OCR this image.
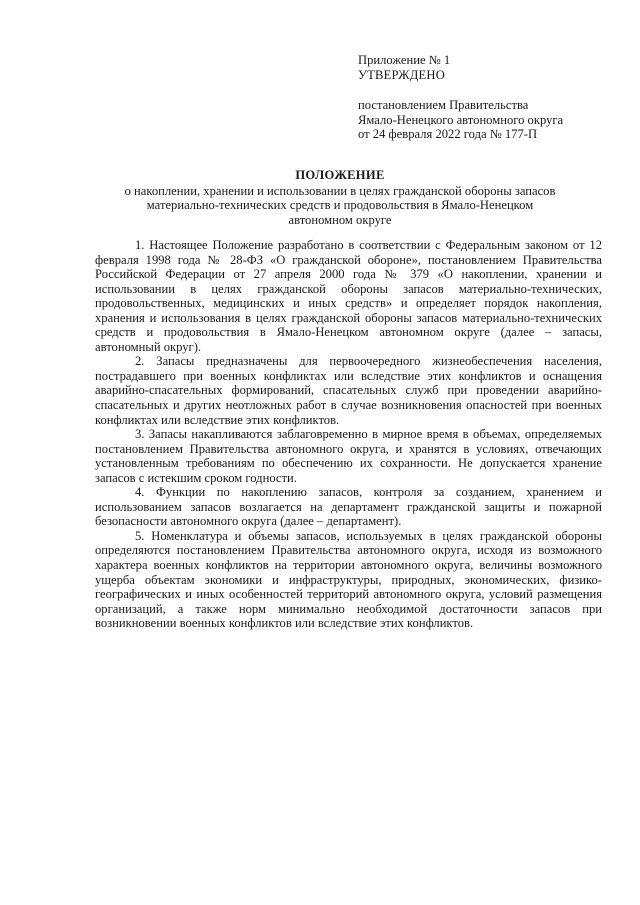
Приложение № 1
УТВЕРЖДЕНО
постановлением Правительства
Ямало-Ненецкого автономного округа
от 24 февраля 2022 года № 177-П
ПОЛОЖЕНИЕ
о накоплении, хранении и использовании в целях гражданской обороны запасов
материально-технических средств и продовольствия в Ямало-Ненецком
автономном округе

1. Настоящее Положение разработано в соответствии с Федеральным законом от 12 февраля 1998 года № 28-ФЗ «О гражданской обороне», постановлением Правительства Российской Федерации от 27 апреля 2000 года № 379 «О накоплении, хранении и использовании в целях гражданской обороны запасов материально-технических, продовольственных, медицинских и иных средств» и определяет порядок накопления, хранения и использования в целях гражданской обороны запасов материально-технических средств и продовольствия в Ямало-Ненецком автономном округе (далее – запасы, автономный округ).

2. Запасы предназначены для первоочередного жизнеобеспечения населения, пострадавшего при военных конфликтах или вследствие этих конфликтов и оснащения аварийно-спасательных формирований, спасательных служб при проведении аварийно-спасательных и других неотложных работ в случае возникновения опасностей при военных конфликтах или вследствие этих конфликтов.

3. Запасы накапливаются заблаговременно в мирное время в объемах, определяемых постановлением Правительства автономного округа, и хранятся в условиях, отвечающих установленным требованиям по обеспечению их сохранности. Не допускается хранение запасов с истекшим сроком годности.

4. Функции по накоплению запасов, контроля за созданием, хранением и использованием запасов возлагается на департамент гражданской защиты и пожарной безопасности автономного округа (далее – департамент).

5. Номенклатура и объемы запасов, используемых в целях гражданской обороны определяются постановлением Правительства автономного округа, исходя из возможного характера военных конфликтов на территории автономного округа, величины возможного ущерба объектам экономики и инфраструктуры, природных, экономических, физико-географических и иных особенностей территорий автономного округа, условий размещения организаций, а также норм минимально необходимой достаточности запасов при возникновении военных конфликтов или вследствие этих конфликтов.
